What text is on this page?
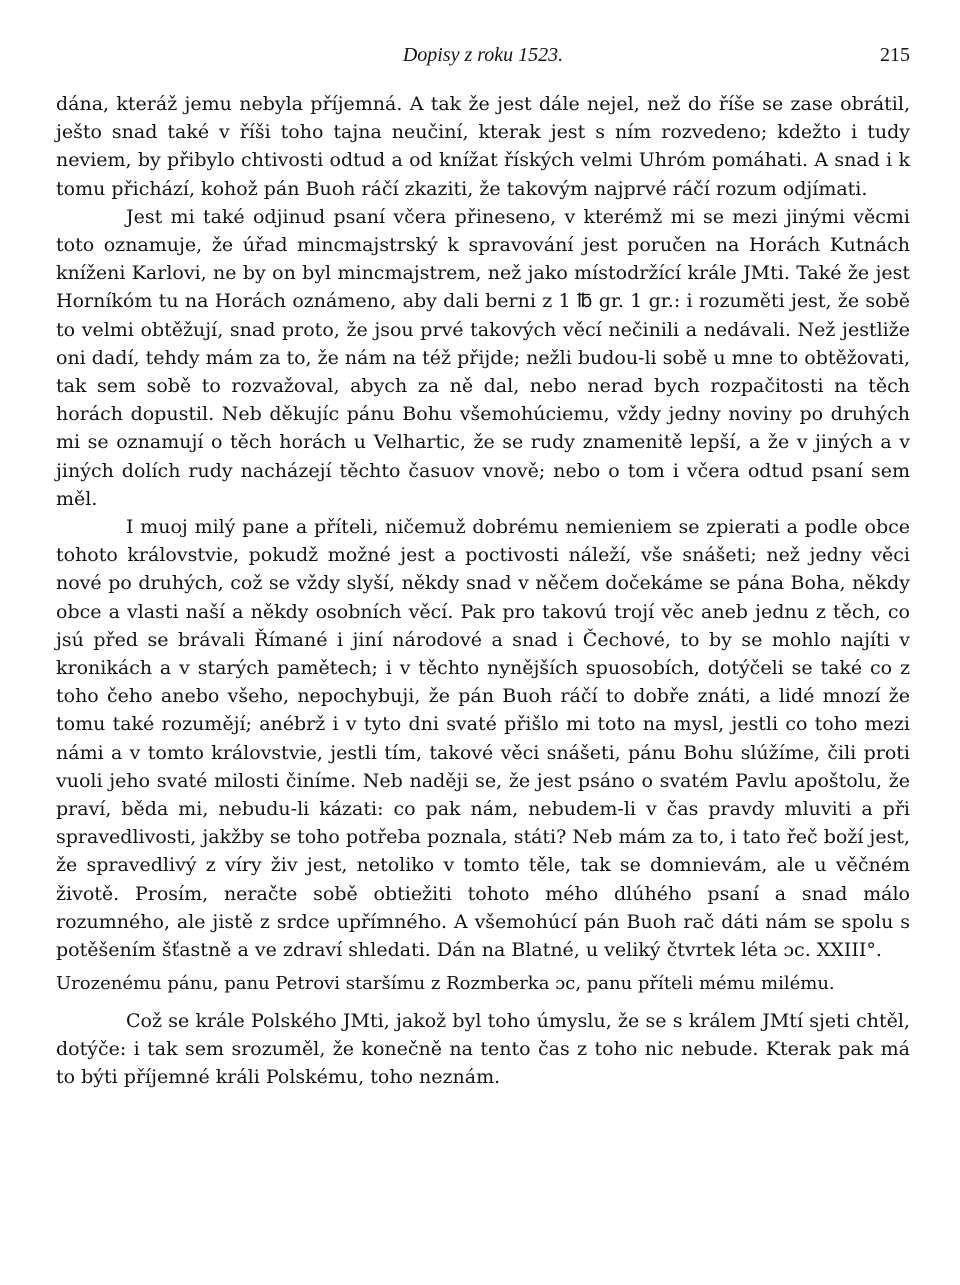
Dopisy z roku 1523.	215

dána, kteráž jemu nebyla příjemná. A tak že jest dále nejel, než do říše se zase obrátil, ješto snad také v říši toho tajna neučiní, kterak jest s ním rozvedeno; kdežto i tudy neviem, by přibylo chtivosti odtud a od knížat říských velmi Uhróm pomáhati. A snad i k tomu přichází, kohož pán Buoh ráčí zkaziti, že takovým najprvé ráčí rozum odjímati.

Jest mi také odjinud psaní včera přineseno, v kterémž mi se mezi jinými věcmi toto oznamuje, že úřad mincmajstrský k spravování jest poručen na Horách Kutnách kníženi Karlovi, ne by on byl mincmajstrem, než jako místodržící krále JMti. Také že jest Horníkóm tu na Horách oznámeno, aby dali berni z 1 ℔ gr. 1 gr.: i rozuměti jest, že sobě to velmi obtěžují, snad proto, že jsou prvé takových věcí nečinili a nedávali. Než jestliže oni dadí, tehdy mám za to, že nám na též přijde; nežli budou-li sobě u mne to obtěžovati, tak sem sobě to rozvažoval, abych za ně dal, nebo nerad bych rozpačitosti na těch horách dopustil. Neb děkujíc pánu Bohu všemohúciemu, vždy jedny noviny po druhých mi se oznamují o těch horách u Velhartic, že se rudy znamenitě lepší, a že v jiných a v jiných dolích rudy nacházejí těchto časuov vnově; nebo o tom i včera odtud psaní sem měl.

I muoj milý pane a příteli, ničemuž dobrému nemieniem se zpierati a podle obce tohoto královstvie, pokudž možné jest a poctivosti náleží, vše snášeti; než jedny věci nové po druhých, což se vždy slyší, někdy snad v něčem dočekáme se pána Boha, někdy obce a vlasti naší a někdy osobních věcí. Pak pro takovú trojí věc aneb jednu z těch, co jsú před se brávali Římané i jiní národové a snad i Čechové, to by se mohlo najíti v kronikách a v starých pamětech; i v těchto nynějších spuosobích, dotýčeli se také co z toho čeho anebo všeho, nepochybuji, že pán Buoh ráčí to dobře znáti, a lidé mnozí že tomu také rozumějí; anébrž i v tyto dni svaté přišlo mi toto na mysl, jestli co toho mezi námi a v tomto královstvie, jestli tím, takové věci snášeti, pánu Bohu slúžíme, čili proti vuoli jeho svaté milosti činíme. Neb naději se, že jest psáno o svatém Pavlu apoštolu, že praví, běda mi, nebudu-li kázati: co pak nám, nebudem-li v čas pravdy mluviti a při spravedlivosti, jakžby se toho potřeba poznala, státi? Neb mám za to, i tato řeč boží jest, že spravedlivý z víry živ jest, netoliko v tomto těle, tak se domnievám, ale u věčném životě. Prosím, neračte sobě obtiežiti tohoto mého dlúhého psaní a snad málo rozumného, ale jistě z srdce upřímného. A všemohúcí pán Buoh rač dáti nám se spolu s potěšením šťastně a ve zdraví shledati. Dán na Blatné, u veliký čtvrtek léta ɔc. XXIII°.

Urozenému pánu, panu Petrovi staršímu z Rozmberka ɔc, panu příteli mému milému.

Což se krále Polského JMti, jakož byl toho úmyslu, že se s králem JMtí sjeti chtěl, dotýče: i tak sem srozuměl, že konečně na tento čas z toho nic nebude. Kterak pak má to býti příjemné králi Polskému, toho neznám.
